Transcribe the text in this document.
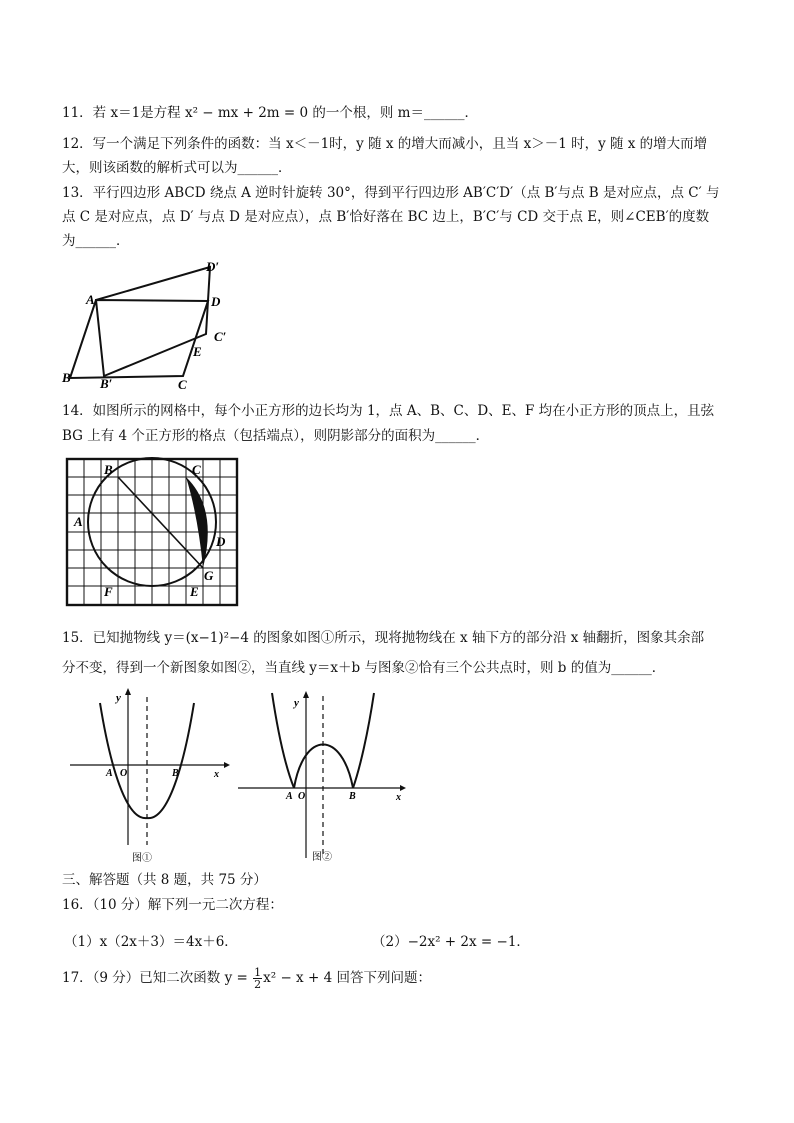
11．若 x＝1是方程 x² − mx + 2m = 0 的一个根，则 m＝______．
12．写一个满足下列条件的函数：当 x＜－1时，y 随 x 的增大而减小，且当 x＞－1 时，y 随 x 的增大而增
大，则该函数的解析式可以为______．
13．平行四边形 ABCD 绕点 A 逆时针旋转 30°，得到平行四边形 AB′C′D′（点 B′与点 B 是对应点，点 C′ 与
点 C 是对应点，点 D′ 与点 D 是对应点），点 B′恰好落在 BC 边上，B′C′与 CD 交于点 E，则∠CEB′的度数
为______．
A
B B′	C
C′
D
D′
E
14．如图所示的网格中，每个小正方形的边长均为 1，点 A、B、C、D、E、F 均在小正方形的顶点上，且弦
BG 上有 4 个正方形的格点（包括端点），则阴影部分的面积为______．
B	C
A
D
G
F	E
15．已知抛物线 y＝(x−1)²−4 的图象如图①所示，现将抛物线在 x 轴下方的部分沿 x 轴翻折，图象其余部
分不变，得到一个新图象如图②，当直线 y＝x＋b 与图象②恰有三个公共点时，则 b 的值为______．
y
A O	B	x
图①
y
A O	B	x
图②
三、解答题（共 8 题，共 75 分）
16．（10 分）解下列一元二次方程：
（1）x（2x＋3）＝4x＋6．	（2）−2x² + 2x = −1．
17．（9 分）已知二次函数 $y = \frac{1}{2} x^2 - x + 4$ 回答下列问题：
